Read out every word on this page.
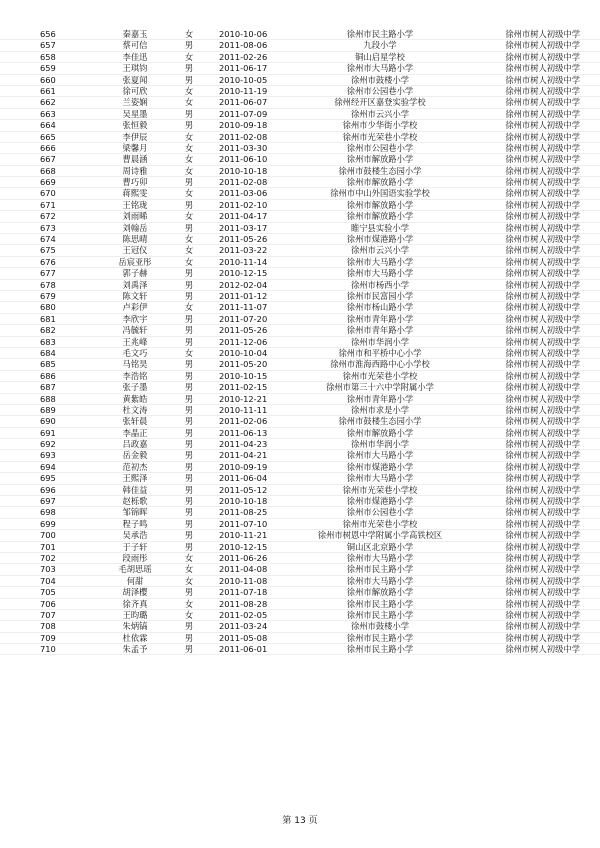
656	秦嘉玉	女	2010-10-06	徐州市民主路小学	徐州市树人初级中学
657	蔡可信	男	2011-08-06	九段小学	徐州市树人初级中学
658	李佳迅	女	2011-02-26	铜山启星学校	徐州市树人初级中学
659	王琪钧	男	2011-06-17	徐州市大马路小学	徐州市树人初级中学
660	张夏闻	男	2010-10-05	徐州市鼓楼小学	徐州市树人初级中学
661	徐可欣	女	2010-11-19	徐州市公园巷小学	徐州市树人初级中学
662	兰姿娴	女	2011-06-07	徐州经开区嘉登实验学校	徐州市树人初级中学
663	吴星墨	男	2011-07-09	徐州市云兴小学	徐州市树人初级中学
664	张恒毅	男	2010-09-18	徐州市少华街小学校	徐州市树人初级中学
665	李伊辰	女	2011-02-08	徐州市光荣巷小学校	徐州市树人初级中学
666	梁馨月	女	2011-03-30	徐州市公园巷小学	徐州市树人初级中学
667	曹晨涵	女	2011-06-10	徐州市解放路小学	徐州市树人初级中学
668	周诗雅	女	2010-10-18	徐州市鼓楼生态园小学	徐州市树人初级中学
669	曹巧卯	男	2011-02-08	徐州市解放路小学	徐州市树人初级中学
670	蒋熙雯	女	2011-03-06	徐州市中山外国语实验学校	徐州市树人初级中学
671	王铭珑	男	2011-02-10	徐州市解放路小学	徐州市树人初级中学
672	刘雨晞	女	2011-04-17	徐州市解放路小学	徐州市树人初级中学
673	刘翰岳	男	2011-03-17	睢宁县实验小学	徐州市树人初级中学
674	陈思晴	女	2011-05-26	徐州市煤港路小学	徐州市树人初级中学
675	王冠仪	女	2011-03-22	徐州市云兴小学	徐州市树人初级中学
676	岳宸亚彤	女	2010-11-14	徐州市大马路小学	徐州市树人初级中学
677	郭子赫	男	2010-12-15	徐州市大马路小学	徐州市树人初级中学
678	刘禹泽	男	2012-02-04	徐州市杨西小学	徐州市树人初级中学
679	陈文轩	男	2011-01-12	徐州市民富园小学	徐州市树人初级中学
680	卢彩伊	女	2011-11-07	徐州市杨山路小学	徐州市树人初级中学
681	李欣宇	男	2011-07-20	徐州市青年路小学	徐州市树人初级中学
682	冯毓轩	男	2011-05-26	徐州市青年路小学	徐州市树人初级中学
683	王兆峰	男	2011-12-06	徐州市华润小学	徐州市树人初级中学
684	毛文巧	女	2010-10-04	徐州市和平桥中心小学	徐州市树人初级中学
685	马铭昊	男	2011-05-20	徐州市淮海西路中心小学校	徐州市树人初级中学
686	李浩铭	男	2010-10-15	徐州市光荣巷小学校	徐州市树人初级中学
687	张子墨	男	2011-02-15	徐州市第三十六中学附属小学	徐州市树人初级中学
688	黄紫皓	男	2010-12-21	徐州市青年路小学	徐州市树人初级中学
689	杜文涛	男	2010-11-11	徐州市求是小学	徐州市树人初级中学
690	张轩晨	男	2011-02-06	徐州市鼓楼生态园小学	徐州市树人初级中学
691	李晶正	男	2011-06-13	徐州市解放路小学	徐州市树人初级中学
692	吕政嘉	男	2011-04-23	徐州市华润小学	徐州市树人初级中学
693	岳金毅	男	2011-04-21	徐州市大马路小学	徐州市树人初级中学
694	范初杰	男	2010-09-19	徐州市煤港路小学	徐州市树人初级中学
695	王熙泽	男	2011-06-04	徐州市大马路小学	徐州市树人初级中学
696	韩佳益	男	2011-05-12	徐州市光荣巷小学校	徐州市树人初级中学
697	赵栎歌	男	2010-10-18	徐州市煤港路小学	徐州市树人初级中学
698	邹锦晖	男	2011-08-25	徐州市公园巷小学	徐州市树人初级中学
699	程子鸣	男	2011-07-10	徐州市光荣巷小学校	徐州市树人初级中学
700	吴承浩	男	2010-11-21	徐州市树恩中学附属小学高铁校区	徐州市树人初级中学
701	于子轩	男	2010-12-15	铜山区北京路小学	徐州市树人初级中学
702	段雨彤	女	2011-06-26	徐州市大马路小学	徐州市树人初级中学
703	毛胡思瑶	女	2011-04-08	徐州市民主路小学	徐州市树人初级中学
704	何甜	女	2010-11-08	徐州市大马路小学	徐州市树人初级中学
705	胡泽樱	男	2011-07-18	徐州市解放路小学	徐州市树人初级中学
706	徐齐真	女	2011-08-28	徐州市民主路小学	徐州市树人初级中学
707	王昀璐	女	2011-02-05	徐州市民主路小学	徐州市树人初级中学
708	朱炳镐	男	2011-03-24	徐州市鼓楼小学	徐州市树人初级中学
709	杜依霖	男	2011-05-08	徐州市民主路小学	徐州市树人初级中学
710	朱孟予	男	2011-06-01	徐州市民主路小学	徐州市树人初级中学
第 13 页
